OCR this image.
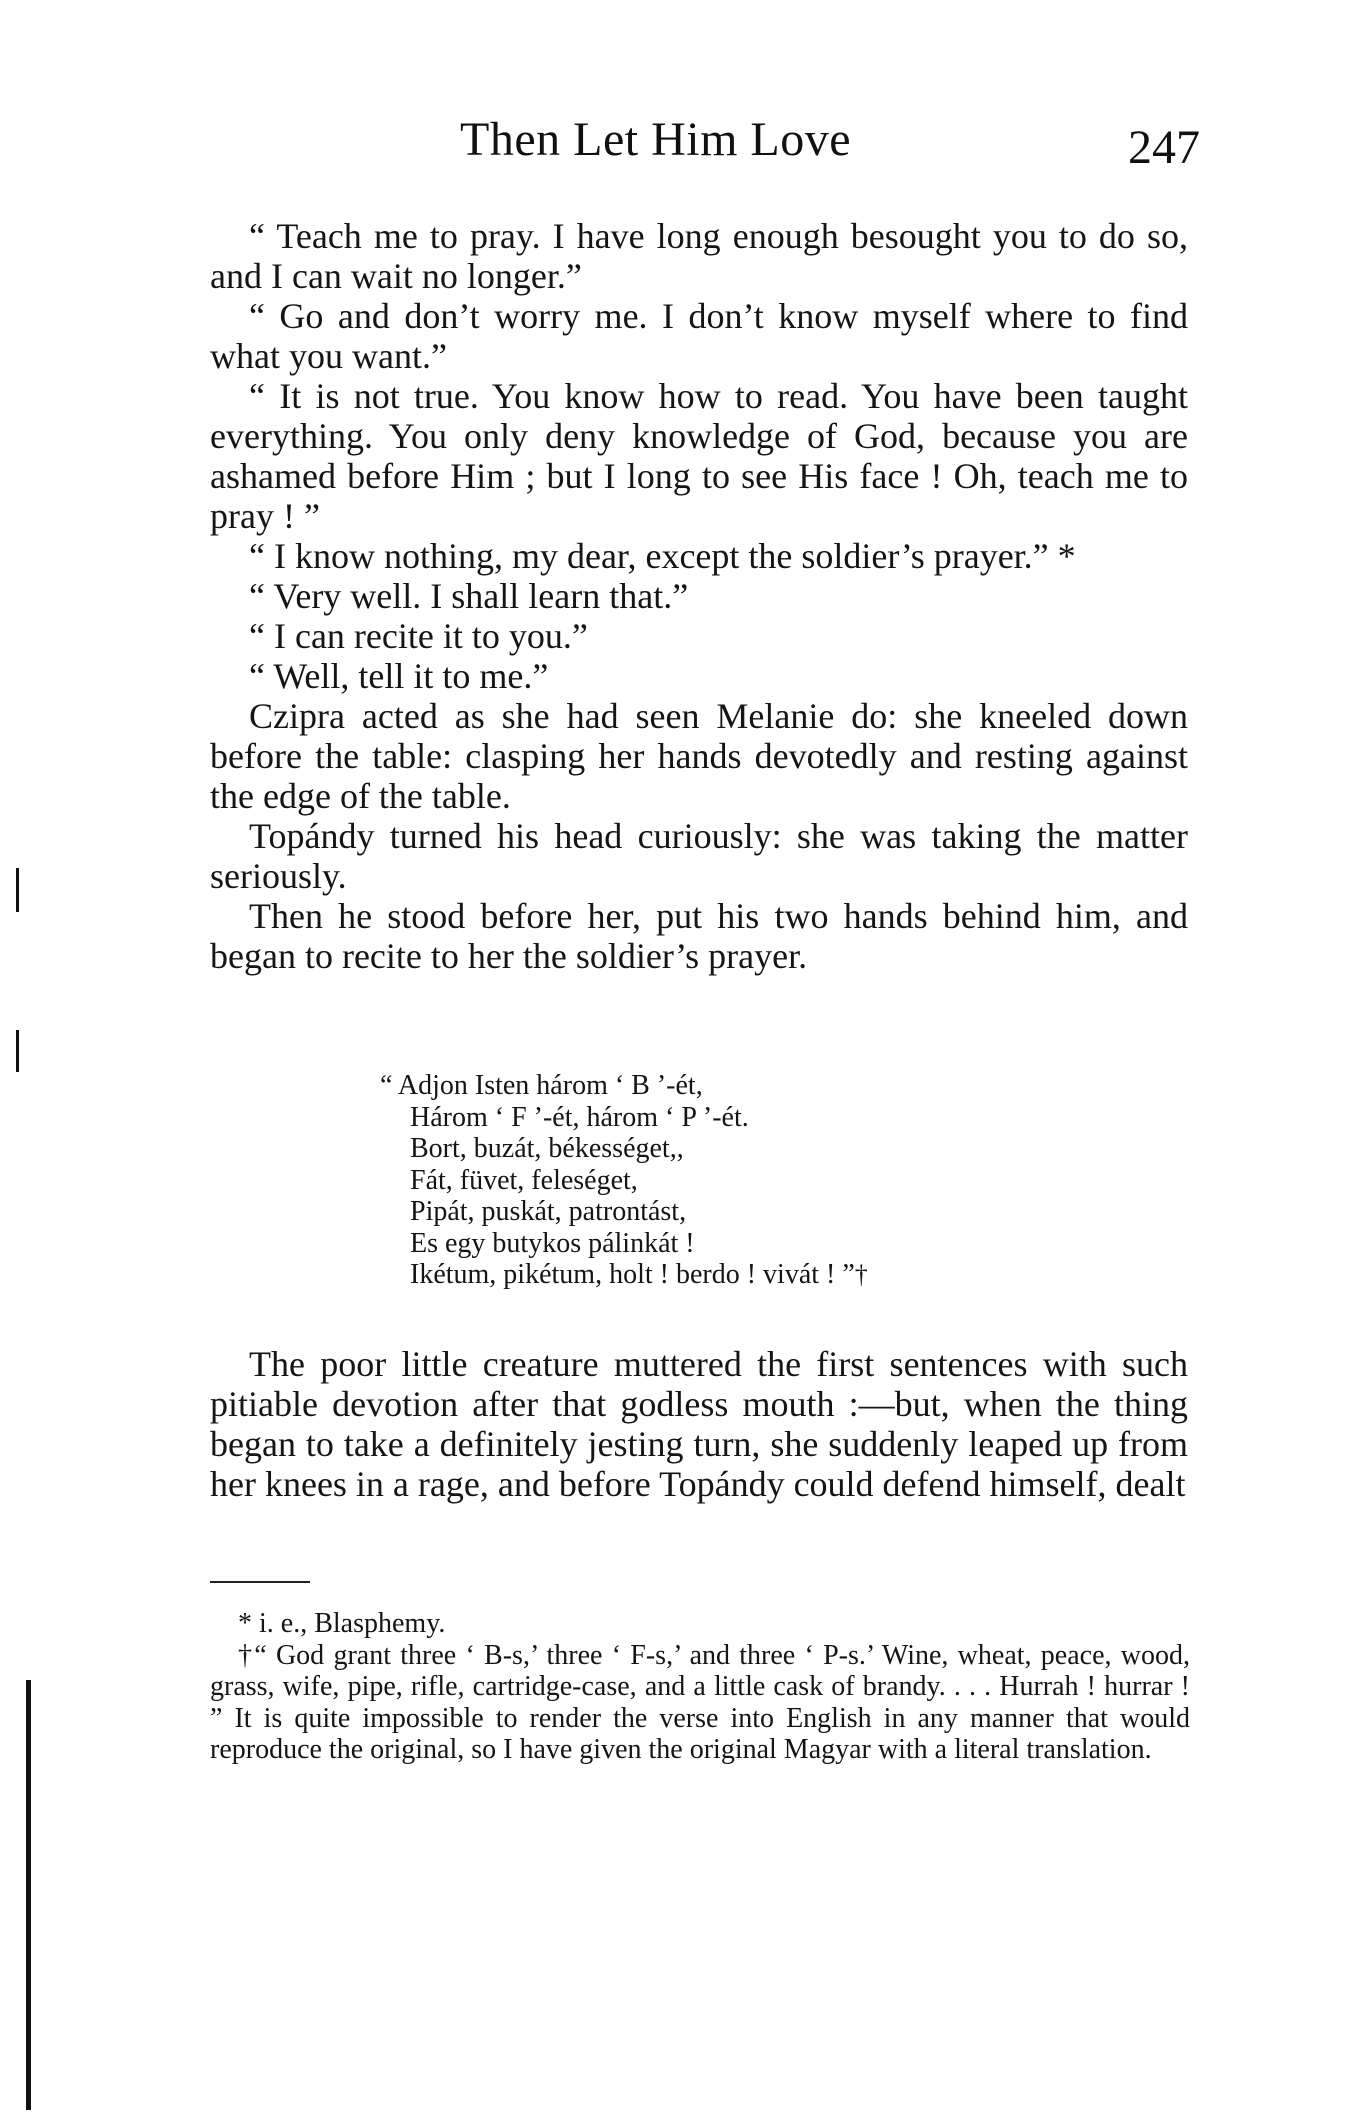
Then Let Him Love	247

“ Teach me to pray. I have long enough besought you to do so, and I can wait no longer.”

“ Go and don’t worry me. I don’t know myself where to find what you want.”

“ It is not true. You know how to read. You have been taught everything. You only deny knowledge of God, because you are ashamed before Him ; but I long to see His face ! Oh, teach me to pray ! ”

“ I know nothing, my dear, except the soldier’s prayer.” *

“ Very well. I shall learn that.”

“ I can recite it to you.”

“ Well, tell it to me.”

Czipra acted as she had seen Melanie do: she kneeled down before the table: clasping her hands devotedly and resting against the edge of the table.

Topándy turned his head curiously: she was taking the matter seriously.

Then he stood before her, put his two hands behind him, and began to recite to her the soldier’s prayer.

“ Adjon Isten három ‘ B ’-ét,
Három ‘ F ’-ét, három ‘ P ’-ét.
Bort, buzát, békességet,,
Fát, füvet, feleséget,
Pipát, puskát, patrontást,
Es egy butykos pálinkát !
Ikétum, pikétum, holt ! berdo ! vivát ! ”†

The poor little creature muttered the first sentences with such pitiable devotion after that godless mouth :—but, when the thing began to take a definitely jesting turn, she suddenly leaped up from her knees in a rage, and before Topándy could defend himself, dealt

* i. e., Blasphemy.

†“ God grant three ‘ B-s,’ three ‘ F-s,’ and three ‘ P-s.’ Wine, wheat, peace, wood, grass, wife, pipe, rifle, cartridge-case, and a little cask of brandy. . . . Hurrah ! hurrar ! ” It is quite impossible to render the verse into English in any manner that would reproduce the original, so I have given the original Magyar with a literal translation.
